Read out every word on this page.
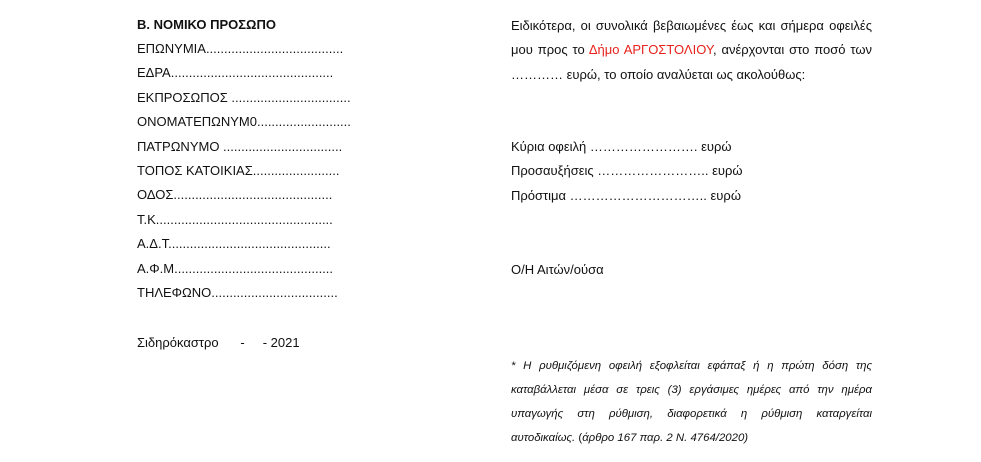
Β. ΝΟΜΙΚΟ ΠΡΟΣΩΠΟ
ΕΠΩΝΥΜΙΑ......................................
ΕΔΡΑ.............................................
ΕΚΠΡΟΣΩΠΟΣ .................................
ΟΝΟΜΑΤΕΠΩΝΥΜ0..........................
ΠΑΤΡΩΝΥΜΟ .................................
ΤΟΠΟΣ ΚΑΤΟΙΚΙΑΣ........................
ΟΔΟΣ............................................
Τ.Κ.................................................
Α.Δ.Τ.............................................
Α.Φ.Μ............................................
ΤΗΛΕΦΩΝΟ...................................
Σιδηρόκαστρο      -     - 2021

Ειδικότερα, οι συνολικά βεβαιωμένες έως και σήμερα οφειλές μου προς το Δήμο ΑΡΓΟΣΤΟΛΙΟΥ, ανέρχονται στο ποσό των ………… ευρώ, το οποίο αναλύεται ως ακολούθως:

Κύρια οφειλή ……………………. ευρώ
Προσαυξήσεις …………………….. ευρώ
Πρόστιμα ………………………….. ευρώ
Ο/Η Αιτών/ούσα

* Η ρυθμιζόμενη οφειλή εξοφλείται εφάπαξ ή η πρώτη δόση της καταβάλλεται μέσα σε τρεις (3) εργάσιμες ημέρες από την ημέρα υπαγωγής στη ρύθμιση, διαφορετικά η ρύθμιση καταργείται αυτοδικαίως. (άρθρο 167 παρ. 2 Ν. 4764/2020)
